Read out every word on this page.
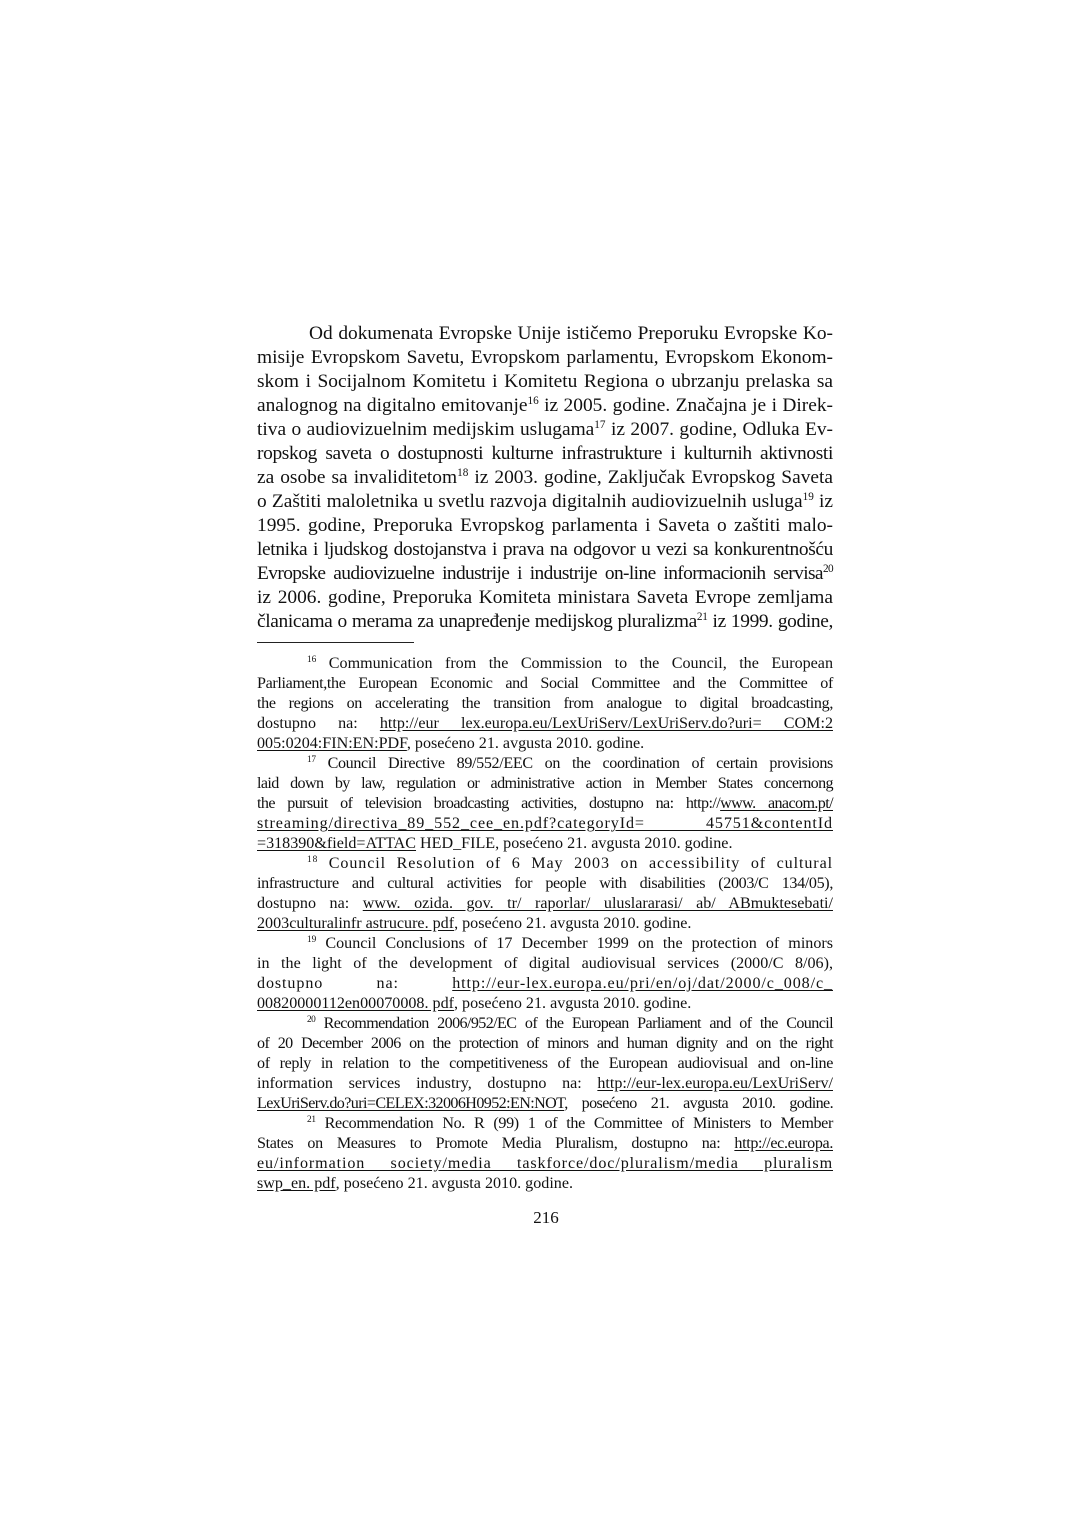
Od dokumenata Evropske Unije ističemo Preporuku Evropske Ko-
misije Evropskom Savetu, Evropskom parlamentu, Evropskom Ekonom-
skom i Socijalnom Komitetu i Komitetu Regiona o ubrzanju prelaska sa
analognog na digitalno emitovanje$^{16}$ iz 2005. godine. Značajna je i Direk-
tiva o audiovizuelnim medijskim uslugama$^{17}$ iz 2007. godine, Odluka Ev-
ropskog saveta o dostupnosti kulturne infrastrukture i kulturnih aktivnosti
za osobe sa invaliditetom$^{18}$ iz 2003. godine, Zaključak Evropskog Saveta
o Zaštiti maloletnika u svetlu razvoja digitalnih audiovizuelnih usluga$^{19}$ iz
1995. godine, Preporuka Evropskog parlamenta i Saveta o zaštiti malo-
letnika i ljudskog dostojanstva i prava na odgovor u vezi sa konkurentnošću
Evropske audiovizuelne industrije i industrije on-line informacionih servisa$^{20}$
iz 2006. godine, Preporuka Komiteta ministara Saveta Evrope zemljama
članicama o merama za unapređenje medijskog pluralizma$^{21}$ iz 1999. godine,
$^{16}$ Communication from the Commission to the Council, the European
Parliament,the European Economic and Social Committee and the Committee of
the regions on accelerating the transition from analogue to digital broadcasting,
dostupno na: http://eur lex.europa.eu/LexUriServ/LexUriServ.do?uri= COM:2
005:0204:FIN:EN:PDF, posećeno 21. avgusta 2010. godine.
$^{17}$ Council Directive 89/552/EEC on the coordination of certain provisions
laid down by law, regulation or administrative action in Member States concernong
the pursuit of television broadcasting activities, dostupno na: http://www. anacom.pt/
streaming/directiva_89_552_cee_en.pdf?categoryId= 45751&contentId
=318390&field=ATTAC HED_FILE, posećeno 21. avgusta 2010. godine.
$^{18}$ Council Resolution of 6 May 2003 on accessibility of cultural
infrastructure and cultural activities for people with disabilities (2003/C 134/05),
dostupno na: www. ozida. gov. tr/ raporlar/ uluslararasi/ ab/ ABmuktesebati/
2003culturalinfr astrucure. pdf, posećeno 21. avgusta 2010. godine.
$^{19}$ Council Conclusions of 17 December 1999 on the protection of minors
in the light of the development of digital audiovisual services (2000/C 8/06),
dostupno na: http://eur-lex.europa.eu/pri/en/oj/dat/2000/c_008/c_
00820000112en00070008. pdf, posećeno 21. avgusta 2010. godine.
$^{20}$ Recommendation 2006/952/EC of the European Parliament and of the Council
of 20 December 2006 on the protection of minors and human dignity and on the right
of reply in relation to the competitiveness of the European audiovisual and on-line
information services industry, dostupno na: http://eur-lex.europa.eu/LexUriServ/
LexUriServ.do?uri=CELEX:32006H0952:EN:NOT, posećeno 21. avgusta 2010. godine.
$^{21}$ Recommendation No. R (99) 1 of the Committee of Ministers to Member
States on Measures to Promote Media Pluralism, dostupno na: http://ec.europa.
eu/information society/media taskforce/doc/pluralism/media pluralism
swp_en. pdf, posećeno 21. avgusta 2010. godine.
216
